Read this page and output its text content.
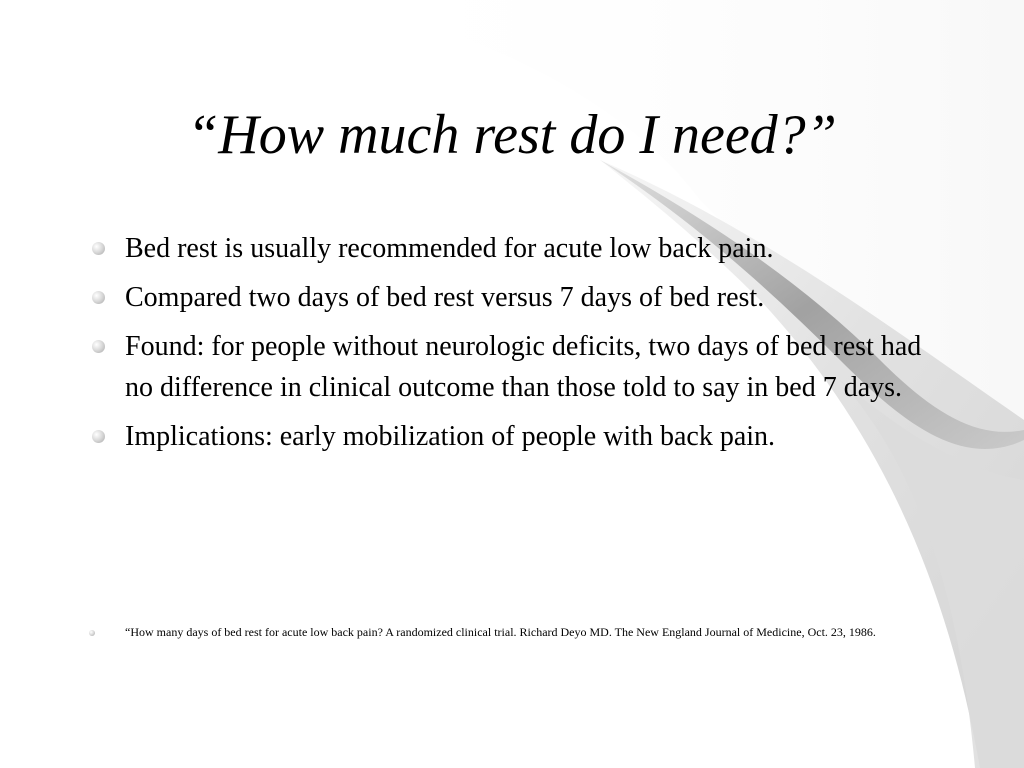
“How much rest do I need?”
Bed rest is usually recommended for acute low back pain.
Compared two days of bed rest versus 7 days of bed rest.
Found: for people without neurologic deficits, two days of bed rest had no difference in clinical outcome than those told to say in bed 7 days.
Implications: early mobilization of people with back pain.
“How many days of bed rest for acute low back pain? A randomized clinical trial. Richard Deyo MD. The New England Journal of Medicine, Oct. 23, 1986.
